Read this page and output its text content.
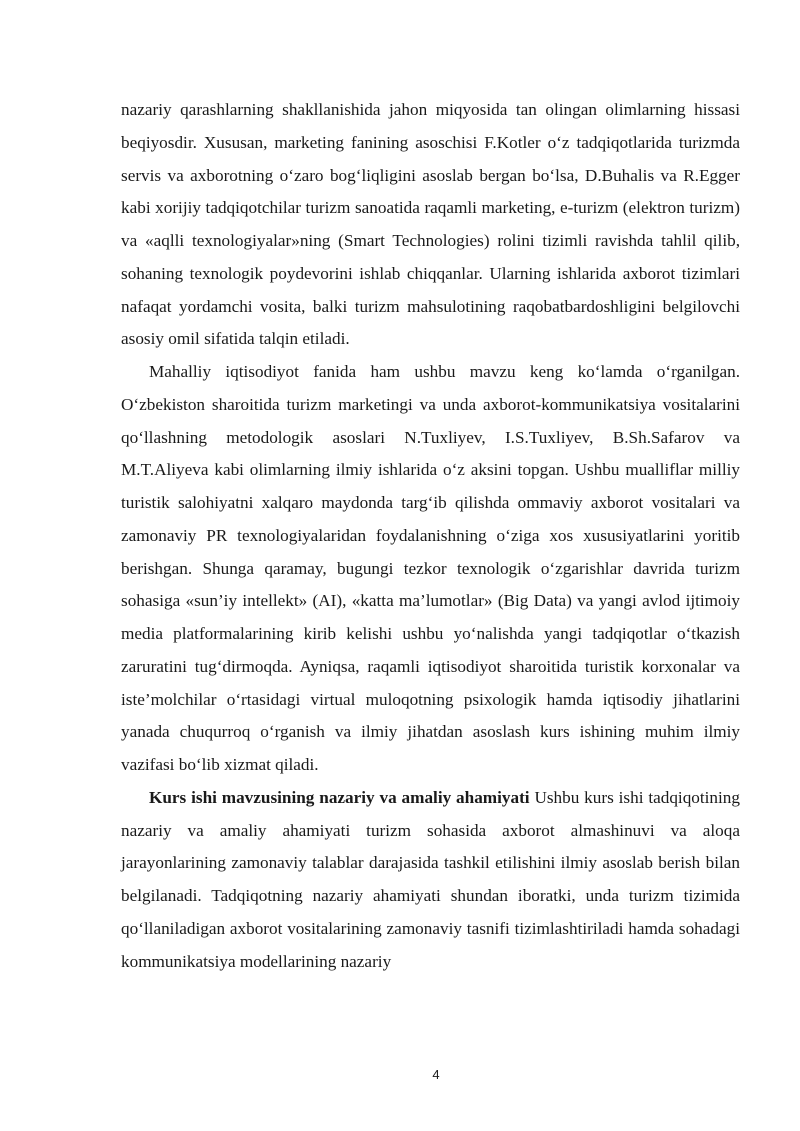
nazariy qarashlarning shakllanishida jahon miqyosida tan olingan olimlarning hissasi beqiyosdir. Xususan, marketing fanining asoschisi F.Kotler o‘z tadqiqotlarida turizmda servis va axborotning o‘zaro bog‘liqligini asoslab bergan bo‘lsa, D.Buhalis va R.Egger kabi xorijiy tadqiqotchilar turizm sanoatida raqamli marketing, e-turizm (elektron turizm) va «aqlli texnologiyalar»ning (Smart Technologies) rolini tizimli ravishda tahlil qilib, sohaning texnologik poydevorini ishlab chiqqanlar. Ularning ishlarida axborot tizimlari nafaqat yordamchi vosita, balki turizm mahsulotining raqobatbardoshligini belgilovchi asosiy omil sifatida talqin etiladi.

Mahalliy iqtisodiyot fanida ham ushbu mavzu keng ko‘lamda o‘rganilgan. O‘zbekiston sharoitida turizm marketingi va unda axborot-kommunikatsiya vositalarini qo‘llashning metodologik asoslari N.Tuxliyev, I.S.Tuxliyev, B.Sh.Safarov va M.T.Aliyeva kabi olimlarning ilmiy ishlarida o‘z aksini topgan. Ushbu mualliflar milliy turistik salohiyatni xalqaro maydonda targ‘ib qilishda ommaviy axborot vositalari va zamonaviy PR texnologiyalaridan foydalanishning o‘ziga xos xususiyatlarini yoritib berishgan. Shunga qaramay, bugungi tezkor texnologik o‘zgarishlar davrida turizm sohasiga «sun’iy intellekt» (AI), «katta ma’lumotlar» (Big Data) va yangi avlod ijtimoiy media platformalarining kirib kelishi ushbu yo‘nalishda yangi tadqiqotlar o‘tkazish zaruratini tug‘dirmoqda. Ayniqsa, raqamli iqtisodiyot sharoitida turistik korxonalar va iste’molchilar o‘rtasidagi virtual muloqotning psixologik hamda iqtisodiy jihatlarini yanada chuqurroq o‘rganish va ilmiy jihatdan asoslash kurs ishining muhim ilmiy vazifasi bo‘lib xizmat qiladi.

Kurs ishi mavzusining nazariy va amaliy ahamiyati Ushbu kurs ishi tadqiqotining nazariy va amaliy ahamiyati turizm sohasida axborot almashinuvi va aloqa jarayonlarining zamonaviy talablar darajasida tashkil etilishini ilmiy asoslab berish bilan belgilanadi. Tadqiqotning nazariy ahamiyati shundan iboratki, unda turizm tizimida qo‘llaniladigan axborot vositalarining zamonaviy tasnifi tizimlashtiriladi hamda sohadagi kommunikatsiya modellarining nazariy

4
